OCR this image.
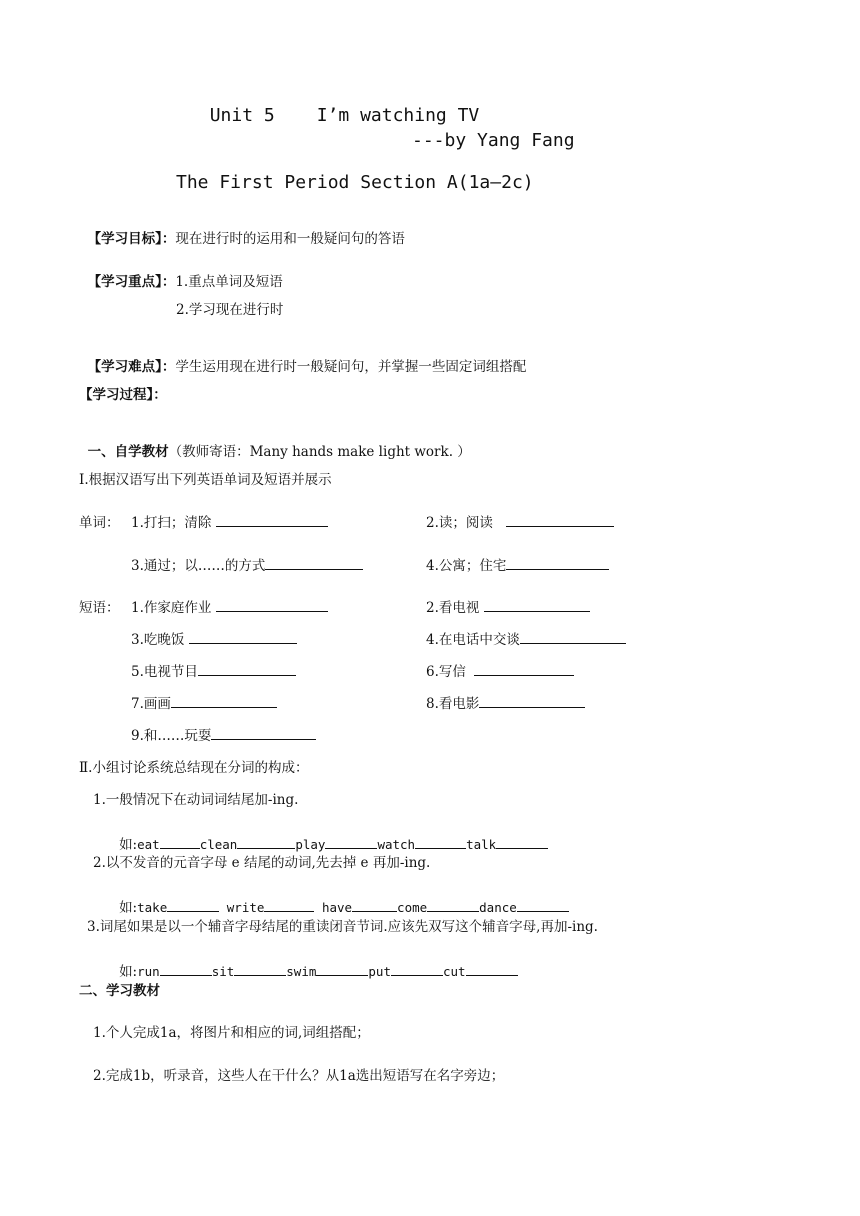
Unit 5 I’m watching TV

---by Yang Fang
The First Period Section A(1a—2c)

【学习目标】：现在进行时的运用和一般疑问句的答语

【学习重点】：1.重点单词及短语

2.学习现在进行时

【学习难点】：学生运用现在进行时一般疑问句，并掌握一些固定词组搭配

【学习过程】：

一、自学教材（教师寄语：Many hands make light work. ）

I.根据汉语写出下列英语单词及短语并展示
单词： 1.打扫；清除	2.读；阅读
3.通过；以……的方式	4.公寓；住宅
短语： 1.作家庭作业	2.看电视
3.吃晚饭	4.在电话中交谈
5.电视节目	6.写信
7.画画	8.看电影
9.和……玩耍
Ⅱ.小组讨论系统总结现在分词的构成：
1.一般情况下在动词词结尾加-ing.

如:eat	clean	play	watch	talk

2.以不发音的元音字母 e 结尾的动词,先去掉 e 再加-ing.

如:take	write	have	come	dance

3.词尾如果是以一个辅音字母结尾的重读闭音节词.应该先双写这个辅音字母,再加-ing.

如:run	sit	swim	put	cut

二、学习教材
1.个人完成1a，将图片和相应的词,词组搭配；
2.完成1b，听录音，这些人在干什么？从1a选出短语写在名字旁边；
